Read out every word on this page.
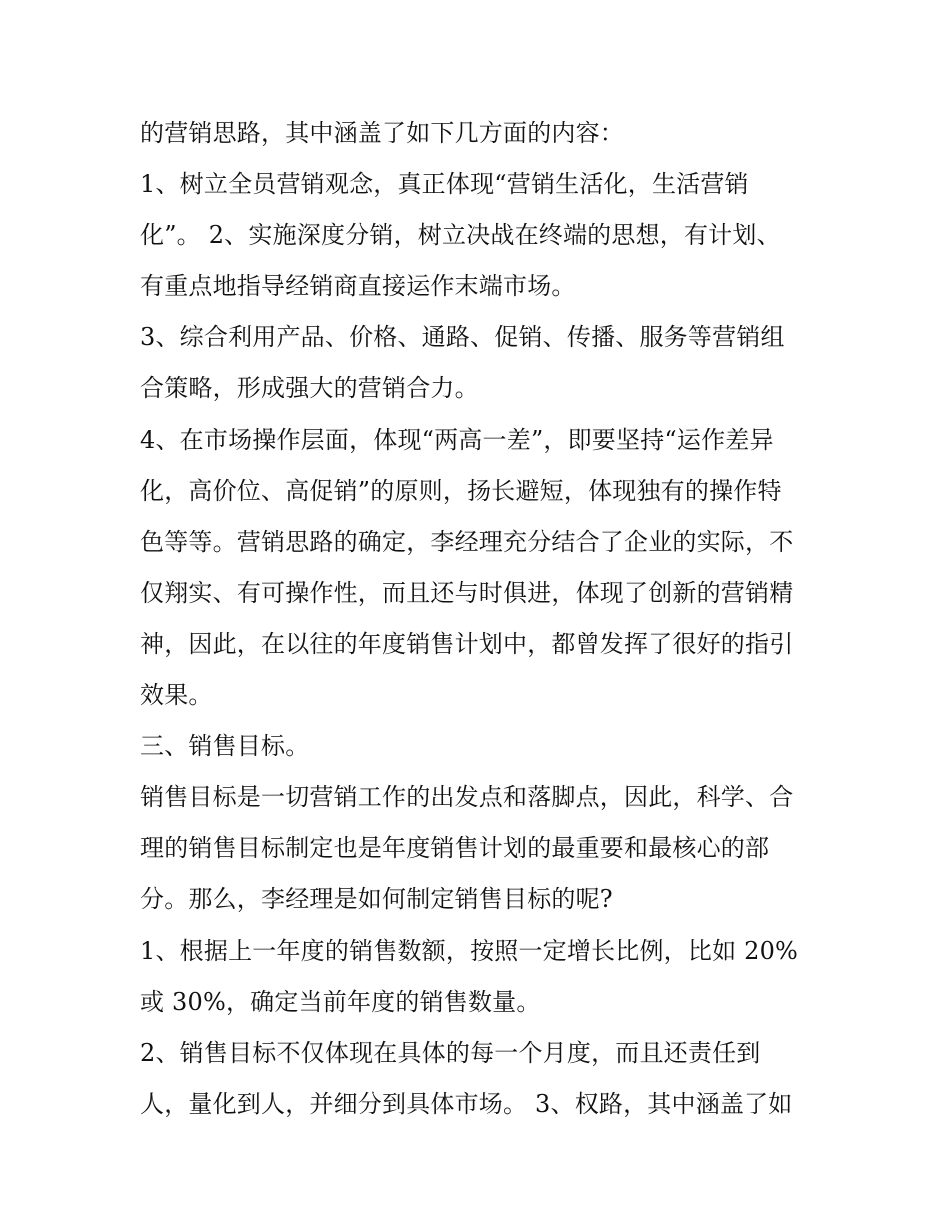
的营销思路，其中涵盖了如下几方面的内容：
1、树立全员营销观念，真正体现“营销生活化，生活营销
化”。 2、实施深度分销，树立决战在终端的思想，有计划、
有重点地指导经销商直接运作末端市场。
3、综合利用产品、价格、通路、促销、传播、服务等营销组
合策略，形成强大的营销合力。
4、在市场操作层面，体现“两高一差”，即要坚持“运作差异
化，高价位、高促销”的原则，扬长避短，体现独有的操作特
色等等。营销思路的确定，李经理充分结合了企业的实际，不
仅翔实、有可操作性，而且还与时俱进，体现了创新的营销精
神，因此，在以往的年度销售计划中，都曾发挥了很好的指引
效果。
三、销售目标。
销售目标是一切营销工作的出发点和落脚点，因此，科学、合
理的销售目标制定也是年度销售计划的最重要和最核心的部
分。那么，李经理是如何制定销售目标的呢?
1、根据上一年度的销售数额，按照一定增长比例，比如 20%
或 30%，确定当前年度的销售数量。
2、销售目标不仅体现在具体的每一个月度，而且还责任到
人，量化到人，并细分到具体市场。 3、权路，其中涵盖了如
